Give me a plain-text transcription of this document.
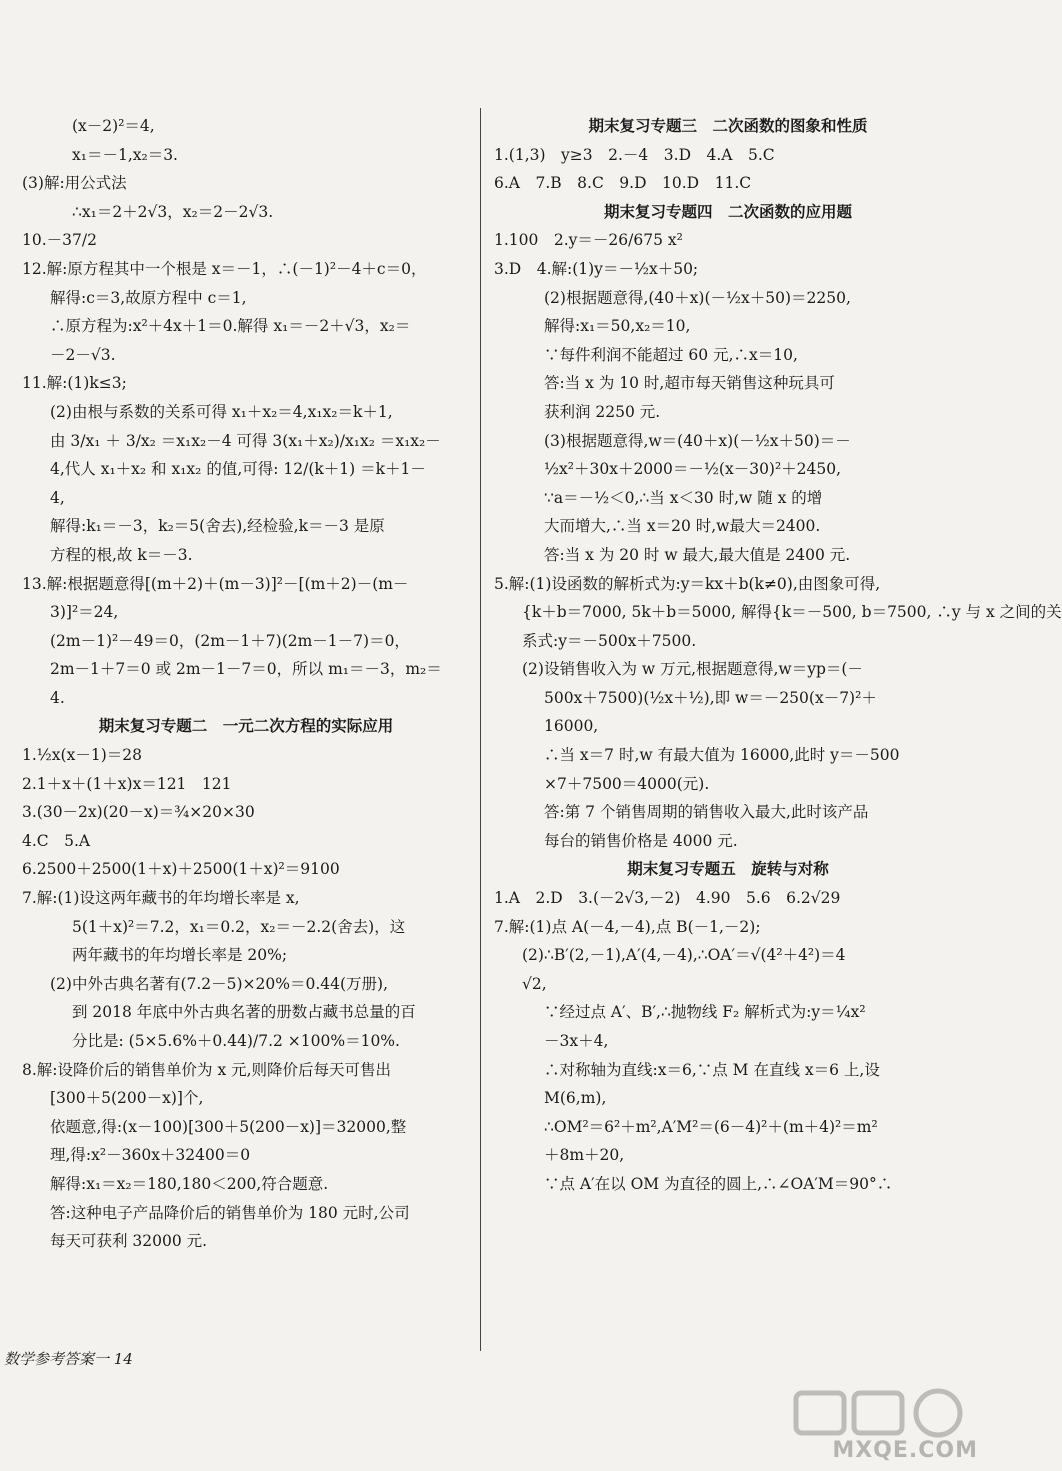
(x－2)²＝4,
x₁＝－1,x₂＝3.
(3)解:用公式法
∴x₁＝2＋2√3，x₂＝2－2√3.
10.－37/2
12.解:原方程其中一个根是 x＝－1，∴(－1)²－4＋c＝0，
解得:c＝3,故原方程中 c＝1,
∴原方程为:x²＋4x＋1＝0.解得 x₁＝－2＋√3，x₂＝
－2－√3.
11.解:(1)k≤3;
(2)由根与系数的关系可得 x₁＋x₂＝4,x₁x₂＝k＋1,
由 3/x₁ ＋ 3/x₂ ＝x₁x₂－4 可得 3(x₁＋x₂)/x₁x₂ ＝x₁x₂－
4,代人 x₁＋x₂ 和 x₁x₂ 的值,可得: 12/(k＋1) ＝k＋1－
4,
解得:k₁＝－3，k₂＝5(舍去),经检验,k＝－3 是原
方程的根,故 k＝－3.
13.解:根据题意得[(m＋2)＋(m－3)]²－[(m＋2)－(m－
3)]²＝24,
(2m－1)²－49＝0，(2m－1＋7)(2m－1－7)＝0，
2m－1＋7＝0 或 2m－1－7＝0，所以 m₁＝－3，m₂＝
4.
期末复习专题二　一元二次方程的实际应用
1.½x(x－1)＝28
2.1＋x＋(1＋x)x＝121　121
3.(30－2x)(20－x)＝¾×20×30
4.C　5.A
6.2500＋2500(1＋x)＋2500(1＋x)²＝9100
7.解:(1)设这两年藏书的年均增长率是 x,
5(1＋x)²＝7.2，x₁＝0.2，x₂＝－2.2(舍去)，这
两年藏书的年均增长率是 20%;
(2)中外古典名著有(7.2－5)×20%＝0.44(万册),
到 2018 年底中外古典名著的册数占藏书总量的百
分比是: (5×5.6%＋0.44)/7.2 ×100%＝10%.
8.解:设降价后的销售单价为 x 元,则降价后每天可售出
[300＋5(200－x)]个,
依题意,得:(x－100)[300＋5(200－x)]＝32000,整
理,得:x²－360x＋32400＝0
解得:x₁＝x₂＝180,180＜200,符合题意.
答:这种电子产品降价后的销售单价为 180 元时,公司
每天可获利 32000 元.
期末复习专题三　二次函数的图象和性质
1.(1,3)　y≥3　2.－4　3.D　4.A　5.C
6.A　7.B　8.C　9.D　10.D　11.C
期末复习专题四　二次函数的应用题
1.100　2.y＝－26/675 x²
3.D　4.解:(1)y＝－½x＋50;
(2)根据题意得,(40＋x)(－½x＋50)＝2250,
解得:x₁＝50,x₂＝10,
∵每件利润不能超过 60 元,∴x＝10,
答:当 x 为 10 时,超市每天销售这种玩具可
获利润 2250 元.
(3)根据题意得,w＝(40＋x)(－½x＋50)＝－
½x²＋30x＋2000＝－½(x－30)²＋2450,
∵a＝－½＜0,∴当 x＜30 时,w 随 x 的增
大而增大,∴当 x＝20 时,w最大＝2400.
答:当 x 为 20 时 w 最大,最大值是 2400 元.
5.解:(1)设函数的解析式为:y＝kx＋b(k≠0),由图象可得,
{k＋b＝7000, 5k＋b＝5000, 解得{k＝－500, b＝7500, ∴y 与 x 之间的关
系式:y＝－500x＋7500.
(2)设销售收入为 w 万元,根据题意得,w＝yp＝(－
500x＋7500)(½x＋½),即 w＝－250(x－7)²＋
16000,
∴当 x＝7 时,w 有最大值为 16000,此时 y＝－500
×7＋7500＝4000(元).
答:第 7 个销售周期的销售收入最大,此时该产品
每台的销售价格是 4000 元.
期末复习专题五　旋转与对称
1.A　2.D　3.(－2√3,－2)　4.90　5.6　6.2√29
7.解:(1)点 A(－4,－4),点 B(－1,－2);
(2)∴B′(2,－1),A′(4,－4),∴OA′＝√(4²＋4²)＝4
√2,
∵经过点 A′、B′,∴抛物线 F₂ 解析式为:y＝¼x²
－3x＋4,
∴对称轴为直线:x＝6,∵点 M 在直线 x＝6 上,设
M(6,m),
∴OM²＝6²＋m²,A′M²＝(6－4)²＋(m＋4)²＝m²
＋8m＋20,
∵点 A′在以 OM 为直径的圆上,∴∠OA′M＝90°∴
数学参考答案一 14
MXQE.COM
